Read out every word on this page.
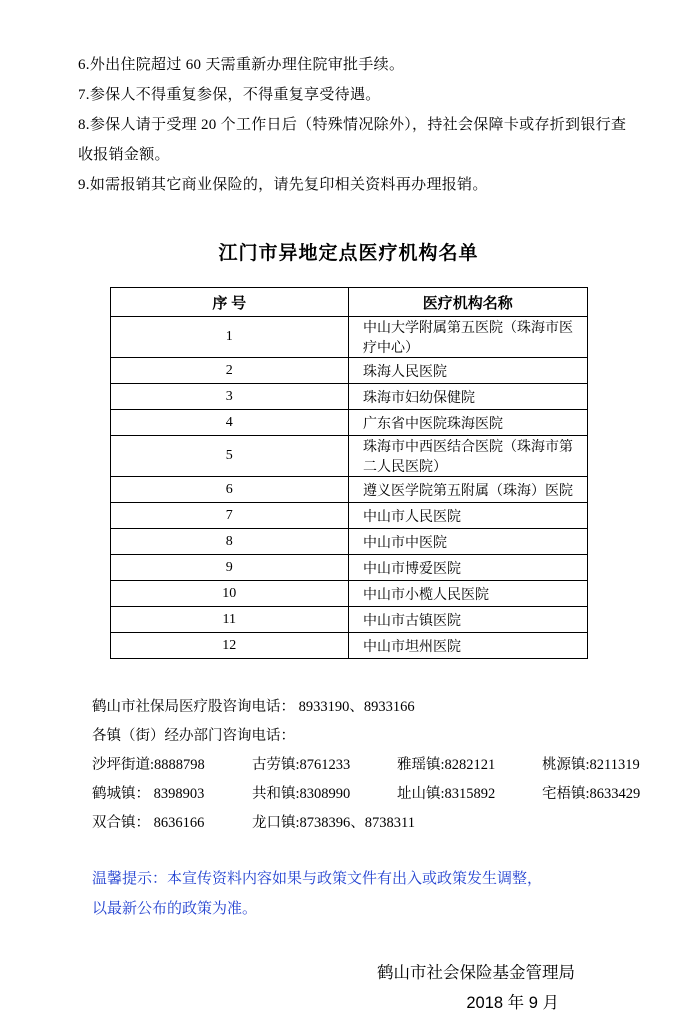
6.外出住院超过 60 天需重新办理住院审批手续。
7.参保人不得重复参保，不得重复享受待遇。
8.参保人请于受理 20 个工作日后（特殊情况除外），持社会保障卡或存折到银行查
收报销金额。
9.如需报销其它商业保险的，请先复印相关资料再办理报销。
江门市异地定点医疗机构名单
序 号	医疗机构名称
1	中山大学附属第五医院（珠海市医疗中心）
2	珠海人民医院
3	珠海市妇幼保健院
4	广东省中医院珠海医院
5	珠海市中西医结合医院（珠海市第二人民医院）
6	遵义医学院第五附属（珠海）医院
7	中山市人民医院
8	中山市中医院
9	中山市博爱医院
10	中山市小榄人民医院
11	中山市古镇医院
12	中山市坦州医院
鹤山市社保局医疗股咨询电话： 8933190、8933166
各镇（街）经办部门咨询电话：
沙坪街道:8888798	古劳镇:8761233	雅瑶镇:8282121	桃源镇:8211319
鹤城镇： 8398903	共和镇:8308990	址山镇:8315892	宅梧镇:8633429
双合镇： 8636166	龙口镇:8738396、8738311
温馨提示：本宣传资料内容如果与政策文件有出入或政策发生调整，
以最新公布的政策为准。
鹤山市社会保险基金管理局
2018 年 9 月
